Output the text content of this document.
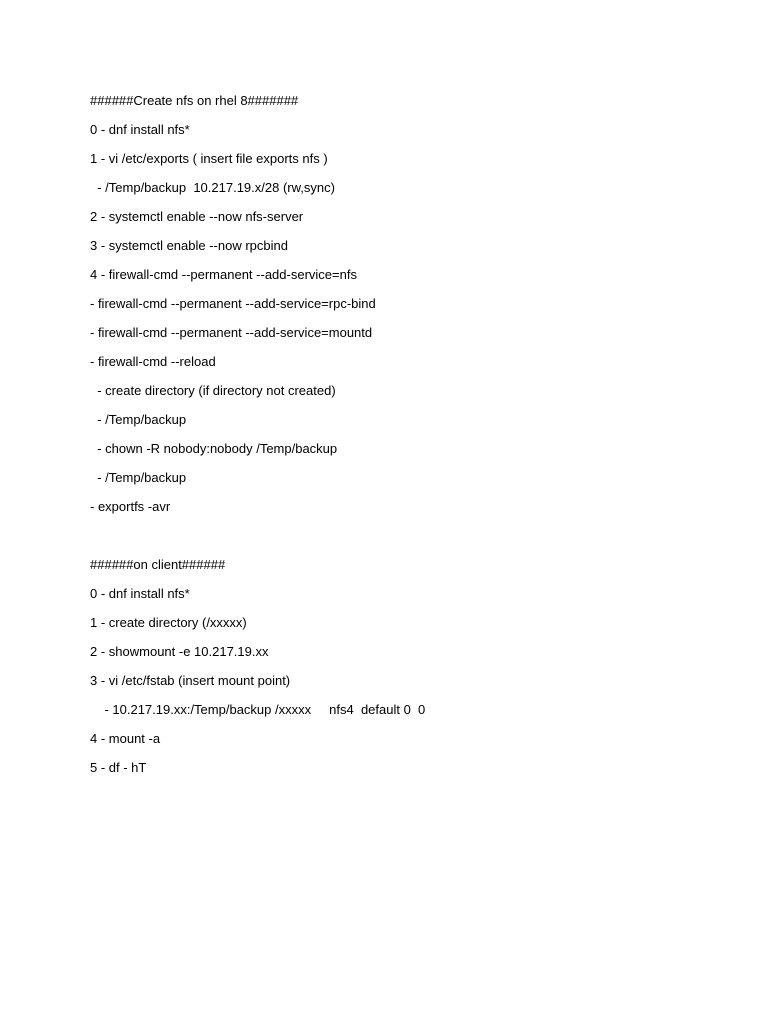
######Create nfs on rhel 8#######
0 - dnf install nfs*
1 - vi /etc/exports ( insert file exports nfs )
- /Temp/backup  10.217.19.x/28 (rw,sync)
2 - systemctl enable --now nfs-server
3 - systemctl enable --now rpcbind
4 - firewall-cmd --permanent --add-service=nfs
- firewall-cmd --permanent --add-service=rpc-bind
- firewall-cmd --permanent --add-service=mountd
- firewall-cmd --reload
- create directory (if directory not created)
- /Temp/backup
- chown -R nobody:nobody /Temp/backup
- /Temp/backup
- exportfs -avr
######on client######
0 - dnf install nfs*
1 - create directory (/xxxxx)
2 - showmount -e 10.217.19.xx
3 - vi /etc/fstab (insert mount point)
- 10.217.19.xx:/Temp/backup /xxxxx     nfs4  default 0  0
4 - mount -a
5 - df - hT
